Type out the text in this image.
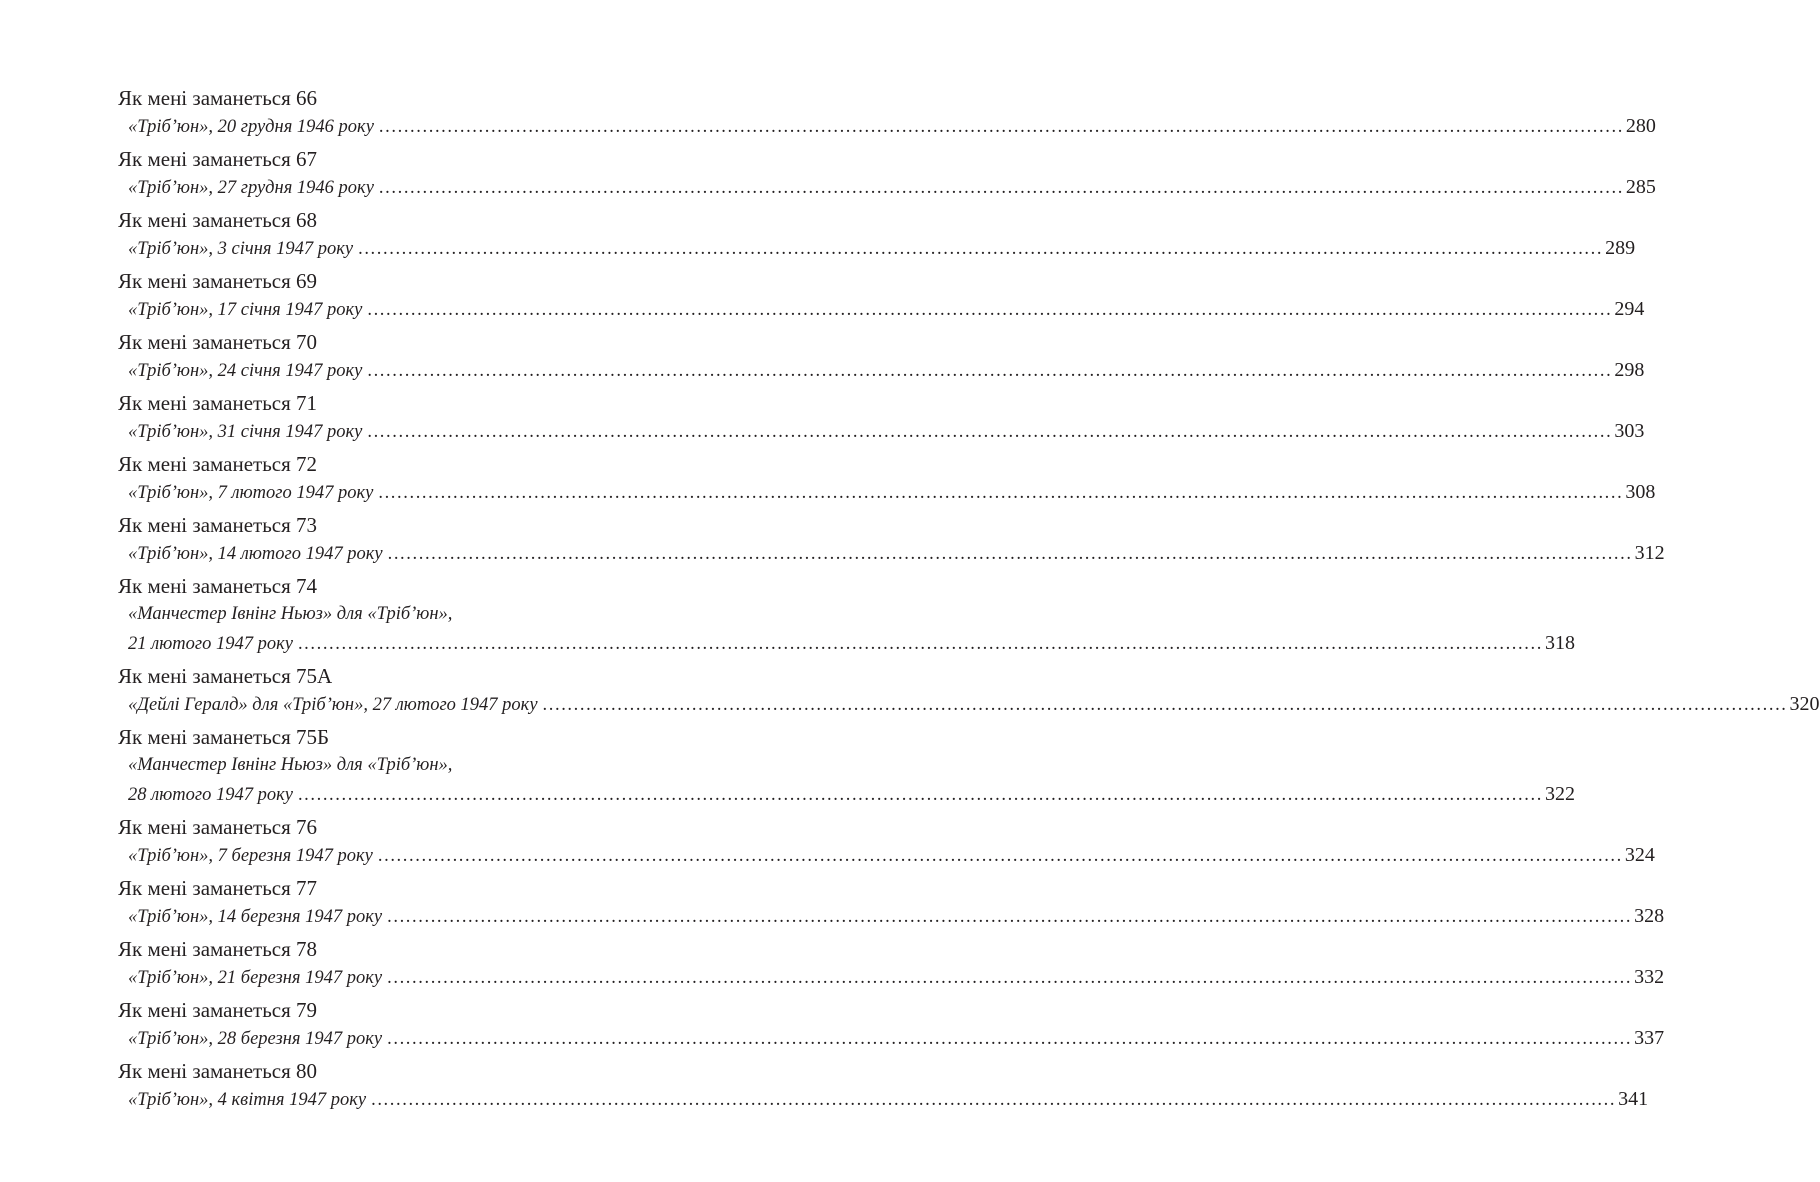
Як мені заманеться 66
«Тріб’юн», 20 грудня 1946 року ........................................................................................................................................................................................................ 280
Як мені заманеться 67
«Тріб’юн», 27 грудня 1946 року ........................................................................................................................................................................................................ 285
Як мені заманеться 68
«Тріб’юн», 3 січня 1947 року ........................................................................................................................................................................................................ 289
Як мені заманеться 69
«Тріб’юн», 17 січня 1947 року ........................................................................................................................................................................................................ 294
Як мені заманеться 70
«Тріб’юн», 24 січня 1947 року ........................................................................................................................................................................................................ 298
Як мені заманеться 71
«Тріб’юн», 31 січня 1947 року ........................................................................................................................................................................................................ 303
Як мені заманеться 72
«Тріб’юн», 7 лютого 1947 року ........................................................................................................................................................................................................ 308
Як мені заманеться 73
«Тріб’юн», 14 лютого 1947 року ........................................................................................................................................................................................................ 312
Як мені заманеться 74
«Манчестер Івнінг Ньюз» для «Тріб’юн»,
21 лютого 1947 року ........................................................................................................................................................................................................ 318
Як мені заманеться 75А
«Дейлі Гералд» для «Тріб’юн», 27 лютого 1947 року ........................................................................................................................................................................................................ 320
Як мені заманеться 75Б
«Манчестер Івнінг Ньюз» для «Тріб’юн»,
28 лютого 1947 року ........................................................................................................................................................................................................ 322
Як мені заманеться 76
«Тріб’юн», 7 березня 1947 року ........................................................................................................................................................................................................ 324
Як мені заманеться 77
«Тріб’юн», 14 березня 1947 року ........................................................................................................................................................................................................ 328
Як мені заманеться 78
«Тріб’юн», 21 березня 1947 року ........................................................................................................................................................................................................ 332
Як мені заманеться 79
«Тріб’юн», 28 березня 1947 року ........................................................................................................................................................................................................ 337
Як мені заманеться 80
«Тріб’юн», 4 квітня 1947 року ........................................................................................................................................................................................................ 341
